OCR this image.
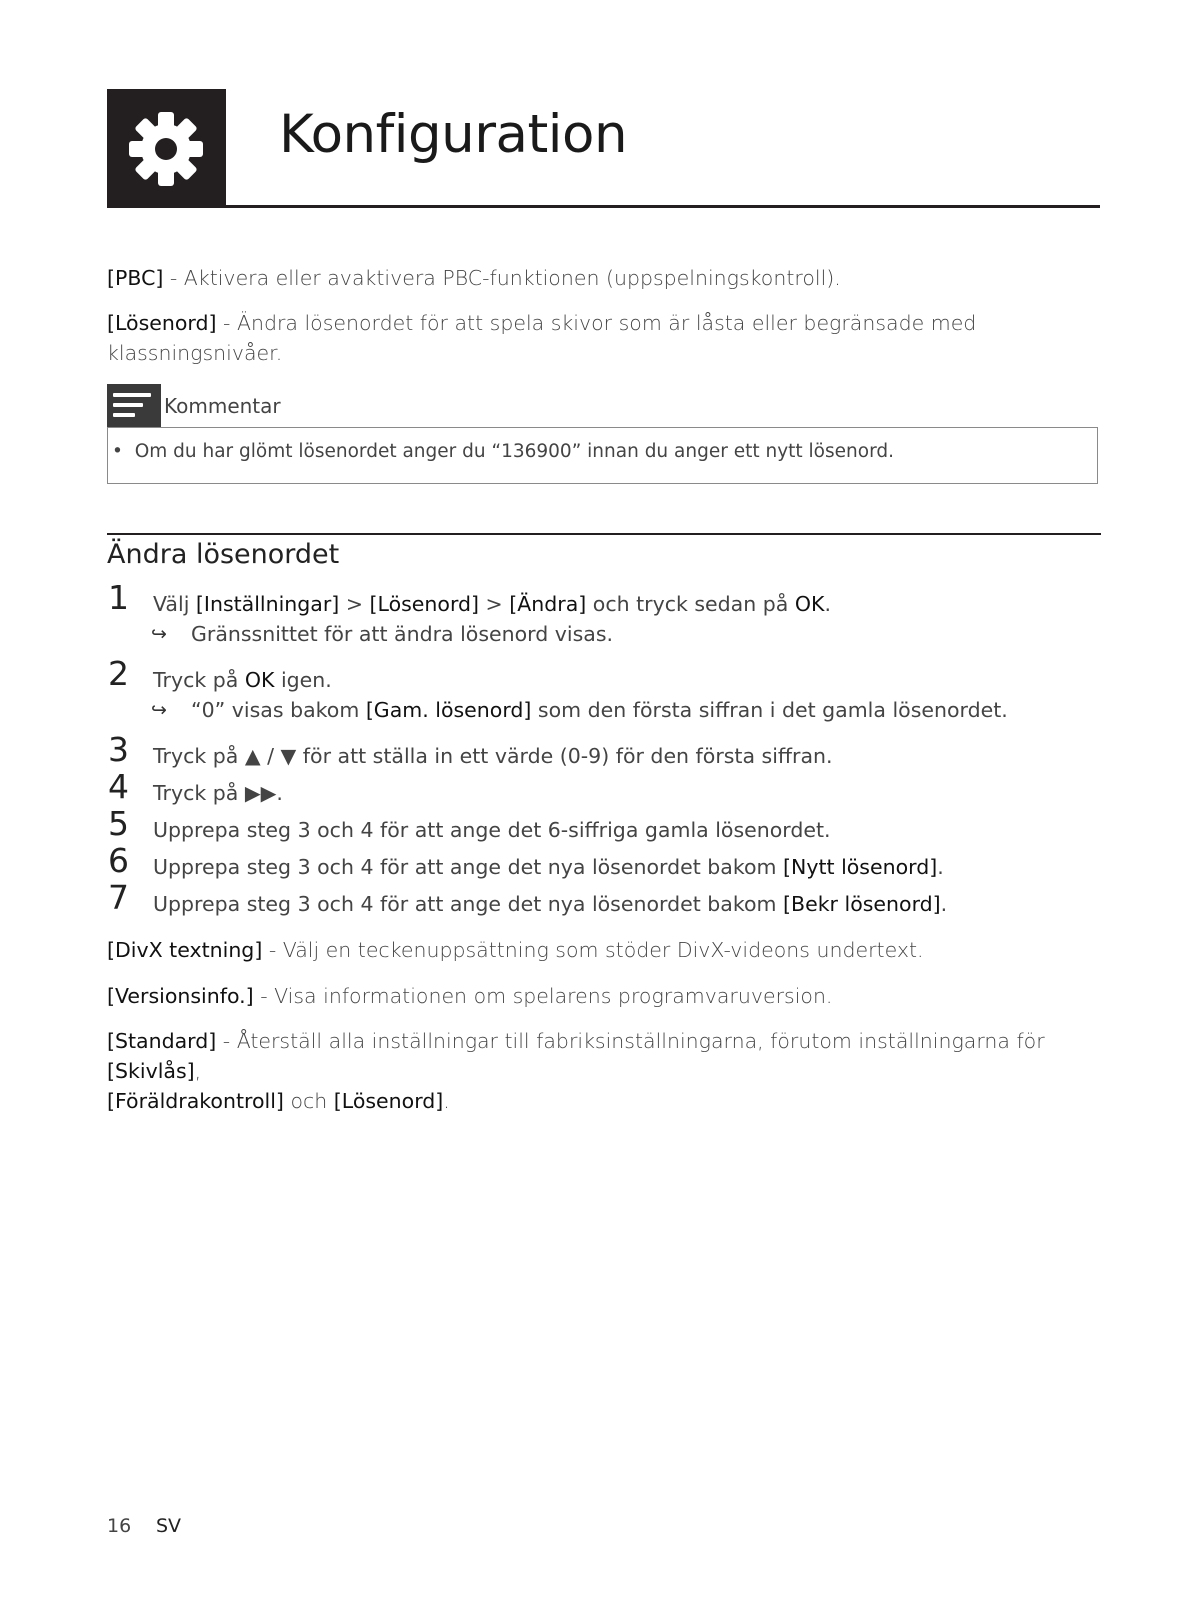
Konfiguration
[PBC] - Aktivera eller avaktivera PBC-funktionen (uppspelningskontroll).
[Lösenord] - Ändra lösenordet för att spela skivor som är låsta eller begränsade med
klassningsnivåer.
Kommentar
• Om du har glömt lösenordet anger du “136900” innan du anger ett nytt lösenord.
Ändra lösenordet
1 Välj [Inställningar] > [Lösenord] > [Ändra] och tryck sedan på OK.
↪ Gränssnittet för att ändra lösenord visas.
2 Tryck på OK igen.
↪ “0” visas bakom [Gam. lösenord] som den första siffran i det gamla lösenordet.
3 Tryck på ▲ / ▼ för att ställa in ett värde (0-9) för den första siffran.
4 Tryck på ▶▶.
5 Upprepa steg 3 och 4 för att ange det 6-siffriga gamla lösenordet.
6 Upprepa steg 3 och 4 för att ange det nya lösenordet bakom [Nytt lösenord].
7 Upprepa steg 3 och 4 för att ange det nya lösenordet bakom [Bekr lösenord].
[DivX textning] - Välj en teckenuppsättning som stöder DivX-videons undertext.
[Versionsinfo.] - Visa informationen om spelarens programvaruversion.
[Standard] - Återställ alla inställningar till fabriksinställningarna, förutom inställningarna för [Skivlås],
[Föräldrakontroll] och [Lösenord].
16 SV
